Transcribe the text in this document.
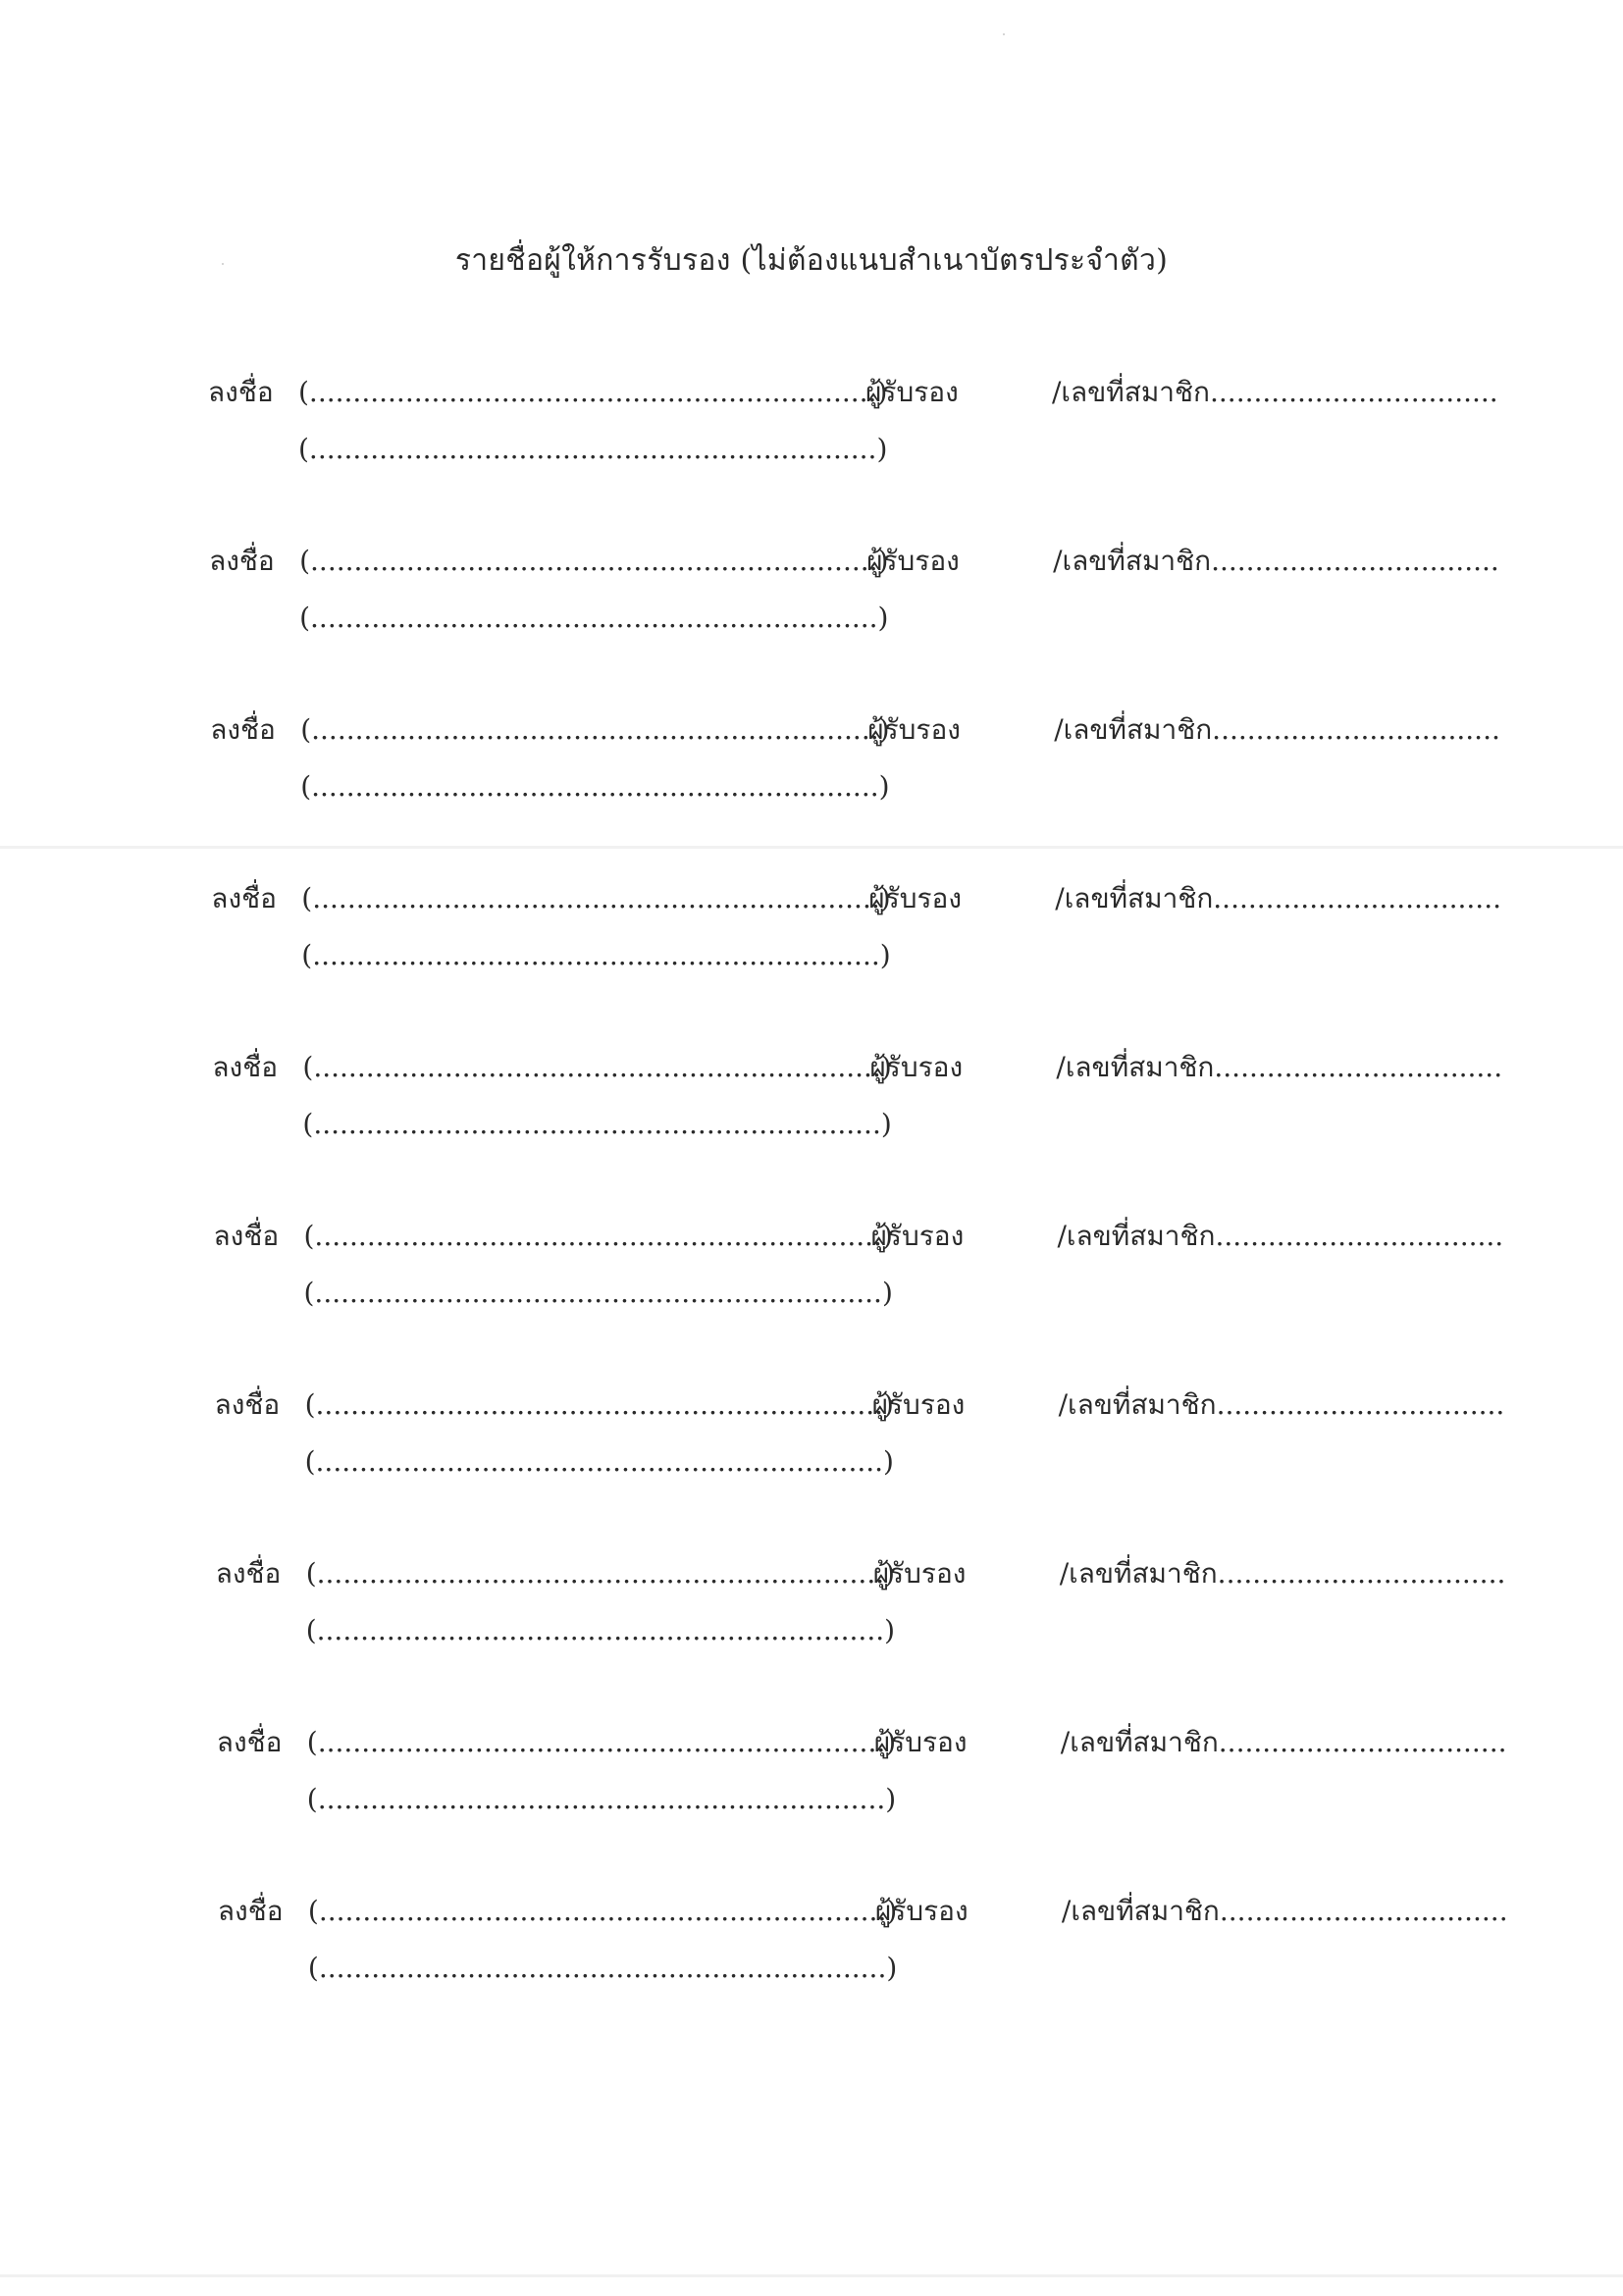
รายชื่อผู้ให้การรับรอง (ไม่ต้องแนบสำเนาบัตรประจำตัว)
ลงชื่อ (.................................................................)
(.................................................................)
ผู้รับรอง	/เลขที่สมาชิก.................................
ลงชื่อ (.................................................................)
(.................................................................)
ผู้รับรอง	/เลขที่สมาชิก.................................
ลงชื่อ (.................................................................)
(.................................................................)
ผู้รับรอง	/เลขที่สมาชิก.................................
ลงชื่อ (.................................................................)
(.................................................................)
ผู้รับรอง	/เลขที่สมาชิก.................................
ลงชื่อ (.................................................................)
(.................................................................)
ผู้รับรอง	/เลขที่สมาชิก.................................
ลงชื่อ (.................................................................)
(.................................................................)
ผู้รับรอง	/เลขที่สมาชิก.................................
ลงชื่อ (.................................................................)
(.................................................................)
ผู้รับรอง	/เลขที่สมาชิก.................................
ลงชื่อ (.................................................................)
(.................................................................)
ผู้รับรอง	/เลขที่สมาชิก.................................
ลงชื่อ (.................................................................)
(.................................................................)
ผู้รับรอง	/เลขที่สมาชิก.................................
ลงชื่อ (.................................................................)
(.................................................................)
ผู้รับรอง	/เลขที่สมาชิก.................................
